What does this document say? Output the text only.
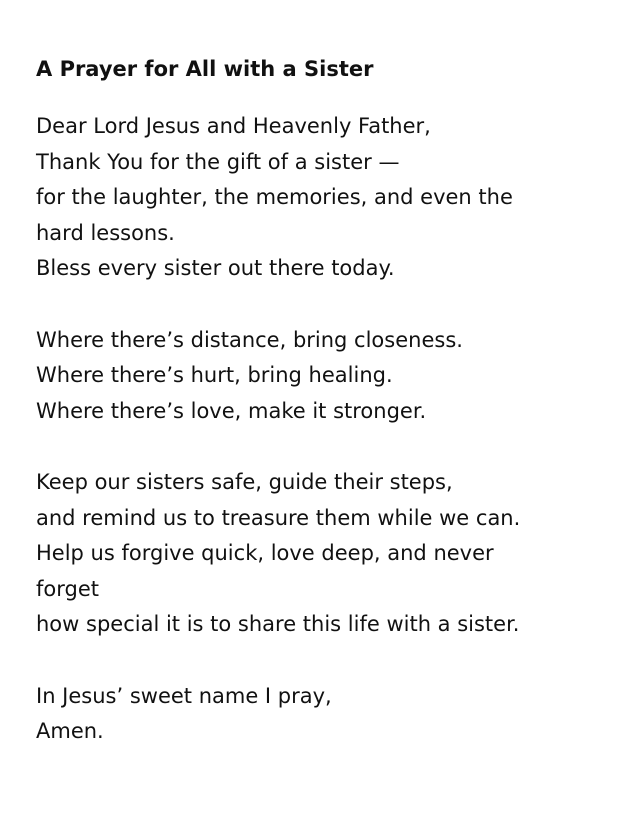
A Prayer for All with a Sister
Dear Lord Jesus and Heavenly Father,
Thank You for the gift of a sister —
for the laughter, the memories, and even the
hard lessons.
Bless every sister out there today.
Where there’s distance, bring closeness.
Where there’s hurt, bring healing.
Where there’s love, make it stronger.
Keep our sisters safe, guide their steps,
and remind us to treasure them while we can.
Help us forgive quick, love deep, and never
forget
how special it is to share this life with a sister.
In Jesus’ sweet name I pray,
Amen.
